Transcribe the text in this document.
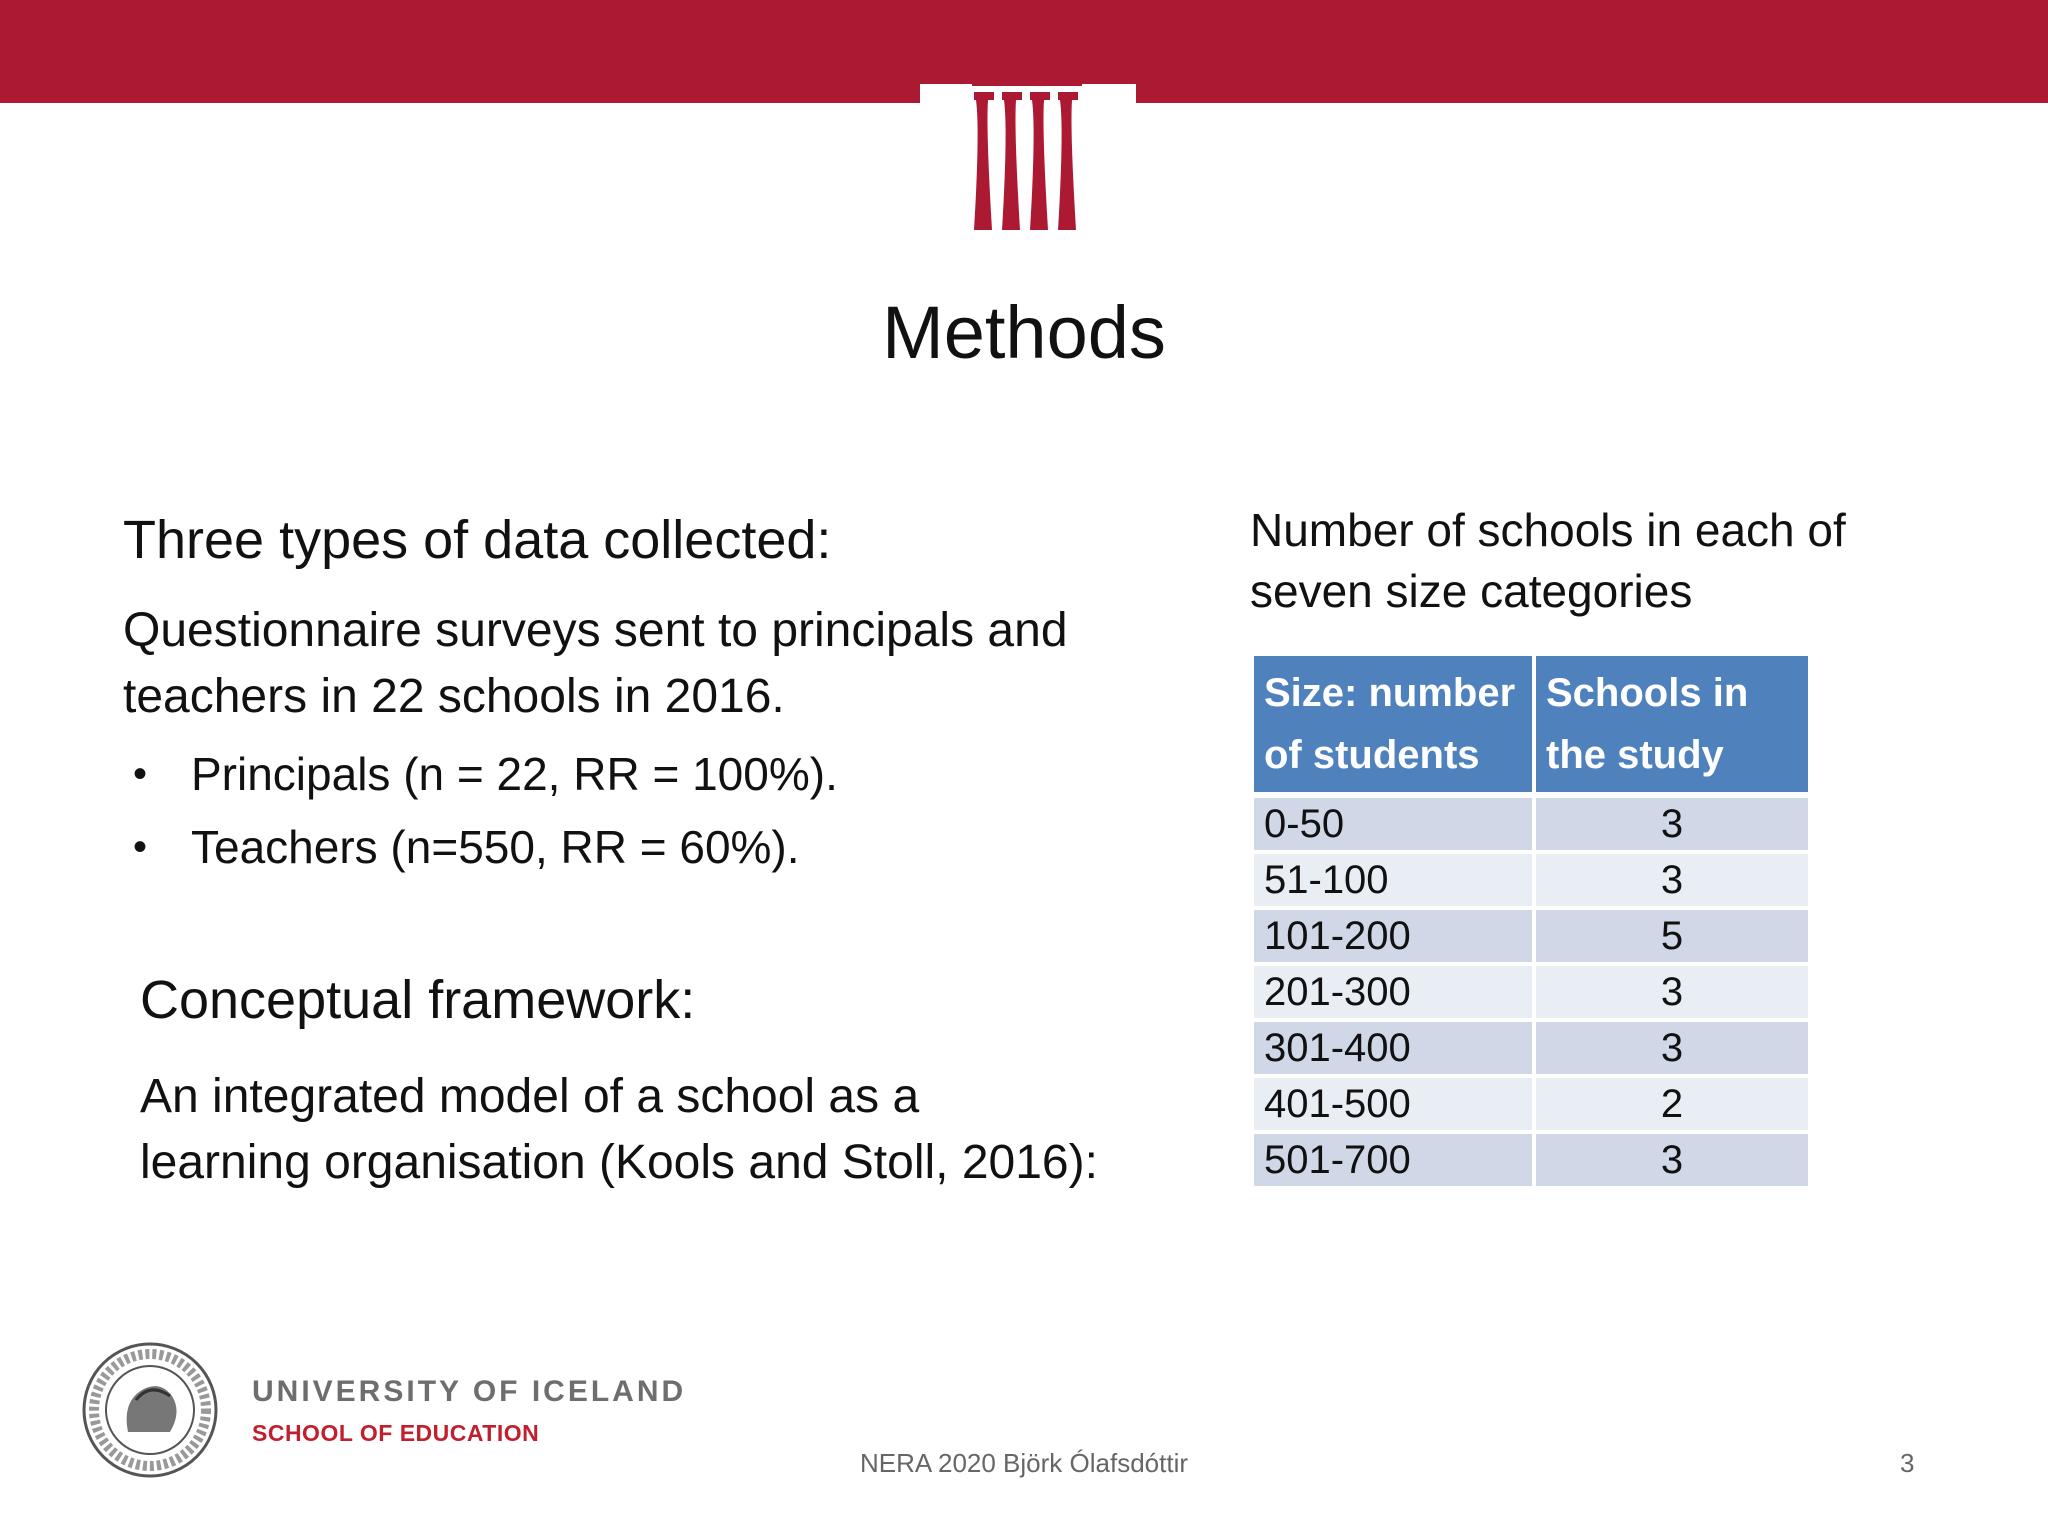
Methods

Three types of data collected:

Questionnaire surveys sent to principals and teachers in 22 schools in 2016.

• Principals (n = 22, RR = 100%).
• Teachers (n=550, RR = 60%).

Conceptual framework:

An integrated model of a school as a learning organisation (Kools and Stoll, 2016):

Number of schools in each of seven size categories
Size: number of students	Schools in the study
0-50	3
51-100	3
101-200	5
201-300	3
301-400	3
401-500	2
501-700	3
UNIVERSITY OF ICELAND
SCHOOL OF EDUCATION
NERA 2020 Björk Ólafsdóttir	3
